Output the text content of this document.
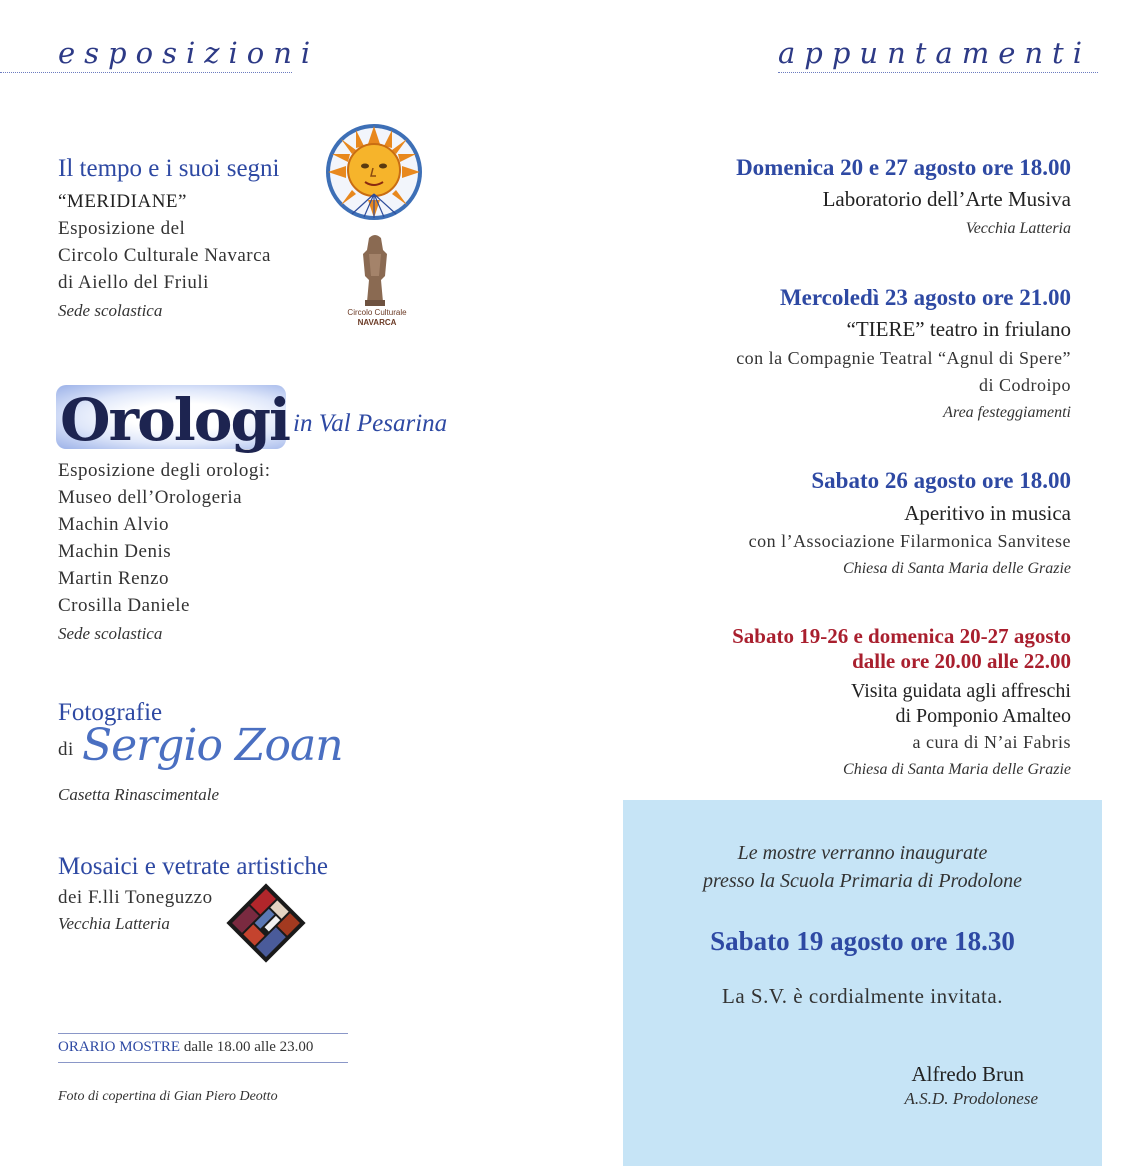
esposizioni	appuntamenti
Il tempo e i suoi segni
“MERIDIANE”
Esposizione del
Circolo Culturale Navarca
di Aiello del Friuli
Sede scolastica	Circolo Culturale
NAVARCA
Orologi in Val Pesarina
Esposizione degli orologi:
Museo dell’Orologeria
Machin Alvio
Machin Denis
Martin Renzo
Crosilla Daniele
Sede scolastica
Fotografie
di Sergio Zoan
Casetta Rinascimentale
Mosaici e vetrate artistiche
dei F.lli Toneguzzo
Vecchia Latteria
ORARIO MOSTRE dalle 18.00 alle 23.00
Foto di copertina di Gian Piero Deotto
Domenica 20 e 27 agosto ore 18.00
Laboratorio dell’Arte Musiva
Vecchia Latteria
Mercoledì 23 agosto ore 21.00
“TIERE” teatro in friulano
con la Compagnie Teatral “Agnul di Spere”
di Codroipo
Area festeggiamenti
Sabato 26 agosto ore 18.00
Aperitivo in musica
con l’Associazione Filarmonica Sanvitese
Chiesa di Santa Maria delle Grazie
Sabato 19-26 e domenica 20-27 agosto
dalle ore 20.00 alle 22.00
Visita guidata agli affreschi
di Pomponio Amalteo
a cura di N’ai Fabris
Chiesa di Santa Maria delle Grazie
Le mostre verranno inaugurate
presso la Scuola Primaria di Prodolone
Sabato 19 agosto ore 18.30
La S.V. è cordialmente invitata.
Alfredo Brun
A.S.D. Prodolonese
